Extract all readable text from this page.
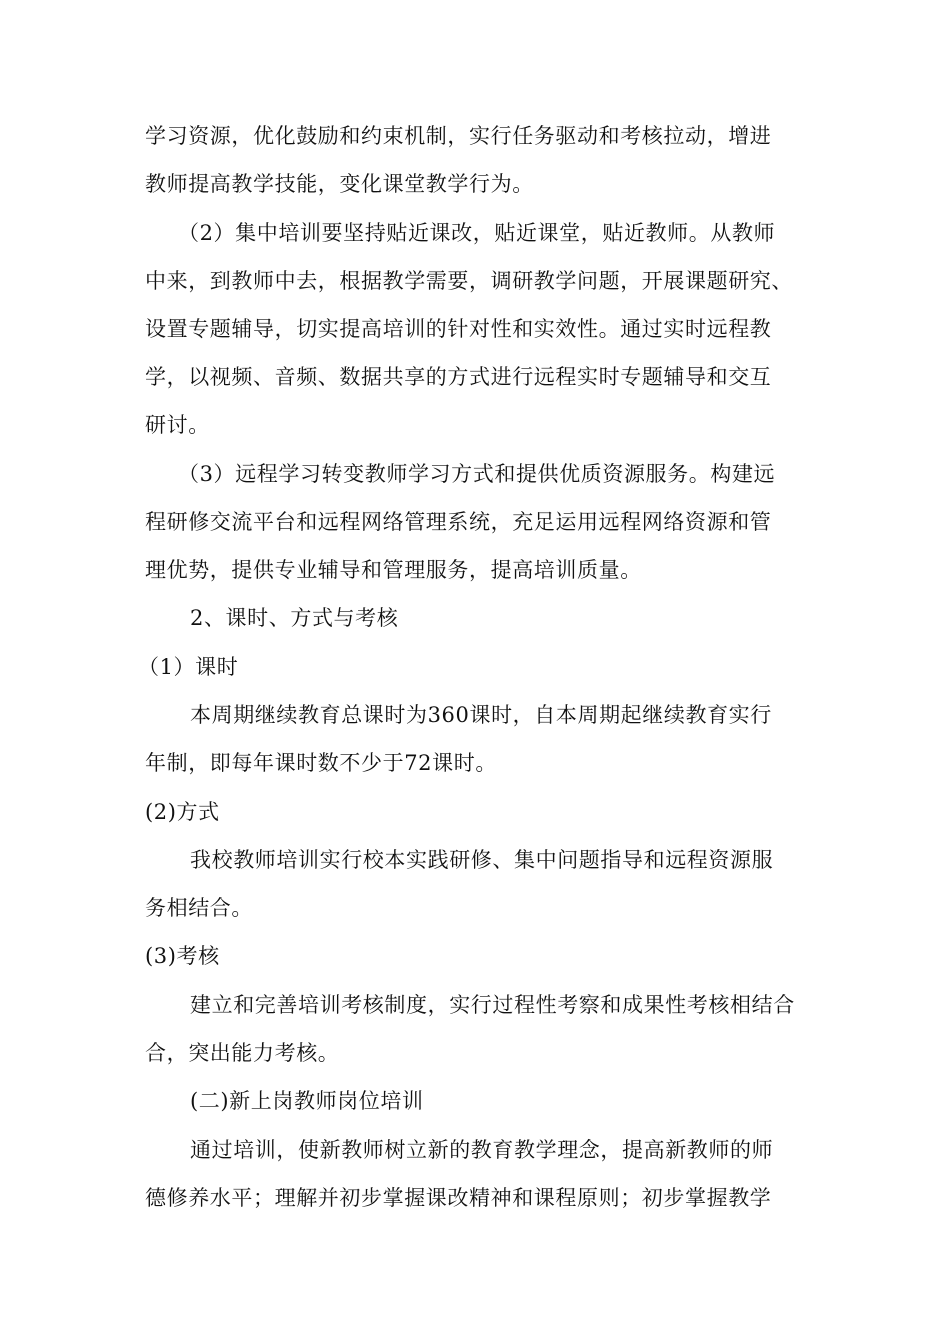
学习资源，优化鼓励和约束机制，实行任务驱动和考核拉动，增进
教师提高教学技能，变化课堂教学行为。
（2）集中培训要坚持贴近课改，贴近课堂，贴近教师。从教师
中来，到教师中去，根据教学需要，调研教学问题，开展课题研究、
设置专题辅导，切实提高培训的针对性和实效性。通过实时远程教
学，以视频、音频、数据共享的方式进行远程实时专题辅导和交互
研讨。
（3）远程学习转变教师学习方式和提供优质资源服务。构建远
程研修交流平台和远程网络管理系统，充足运用远程网络资源和管
理优势，提供专业辅导和管理服务，提高培训质量。
2、课时、方式与考核
（1）课时
本周期继续教育总课时为360课时，自本周期起继续教育实行
年制，即每年课时数不少于72课时。
(2)方式
我校教师培训实行校本实践研修、集中问题指导和远程资源服
务相结合。
(3)考核
建立和完善培训考核制度，实行过程性考察和成果性考核相结合
合，突出能力考核。
(二)新上岗教师岗位培训
通过培训，使新教师树立新的教育教学理念，提高新教师的师
德修养水平；理解并初步掌握课改精神和课程原则；初步掌握教学
